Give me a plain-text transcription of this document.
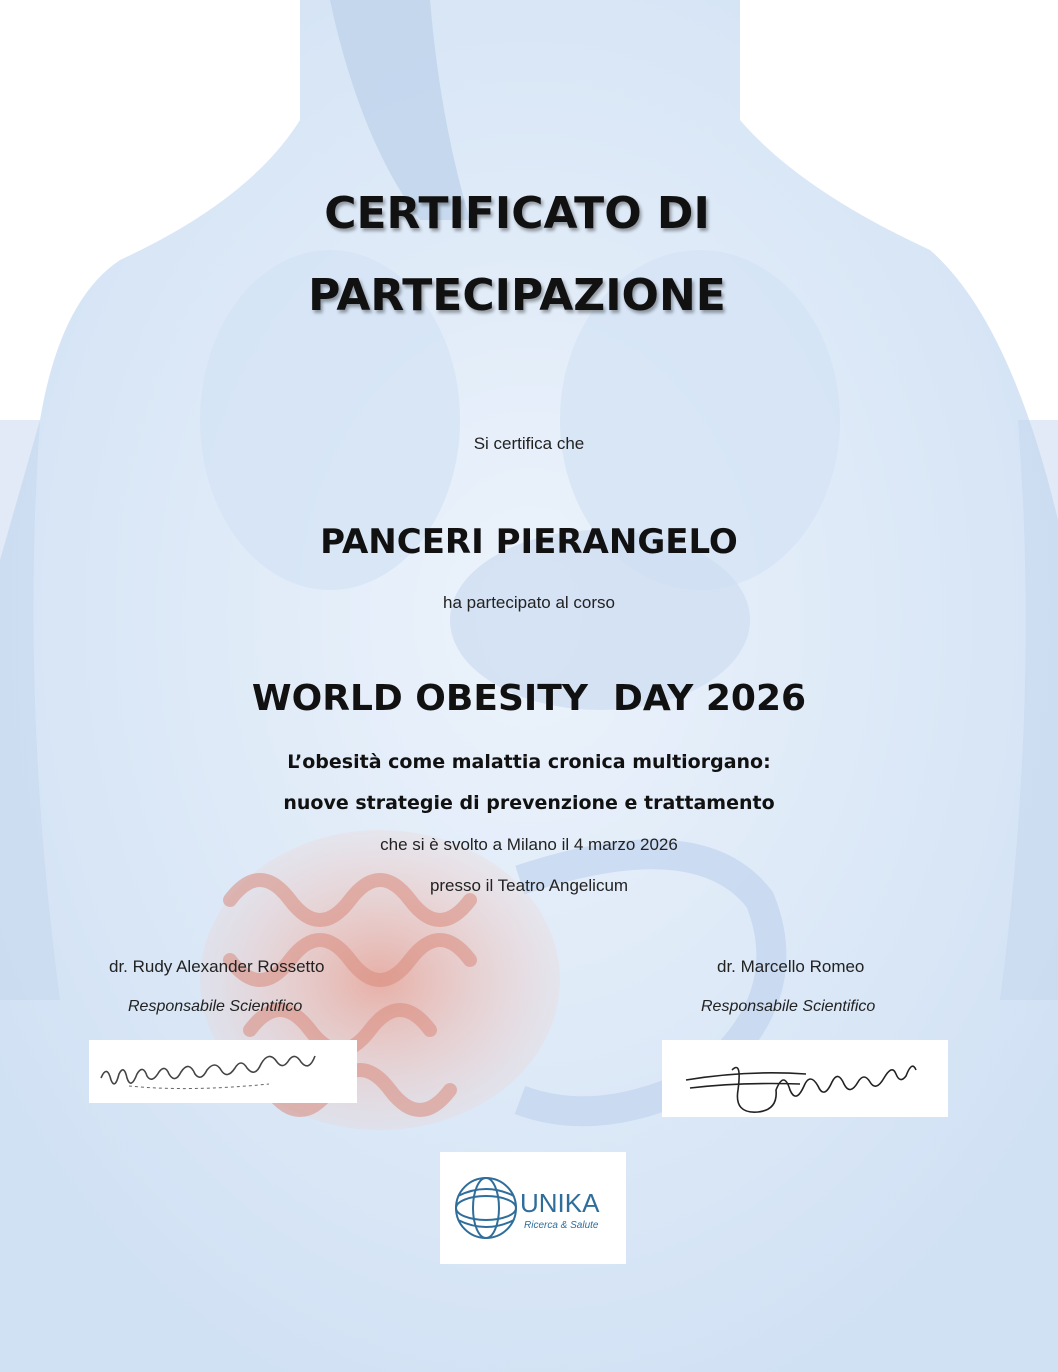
CERTIFICATO DI
PARTECIPAZIONE
Si certifica che
PANCERI PIERANGELO
ha partecipato al corso
WORLD OBESITY  DAY 2026
L’obesità come malattia cronica multiorgano:
nuove strategie di prevenzione e trattamento
che si è svolto a Milano il 4 marzo 2026
presso il Teatro Angelicum
dr. Rudy Alexander Rossetto
Responsabile Scientifico
dr. Marcello Romeo
Responsabile Scientifico
UNIKA
Ricerca & Salute
